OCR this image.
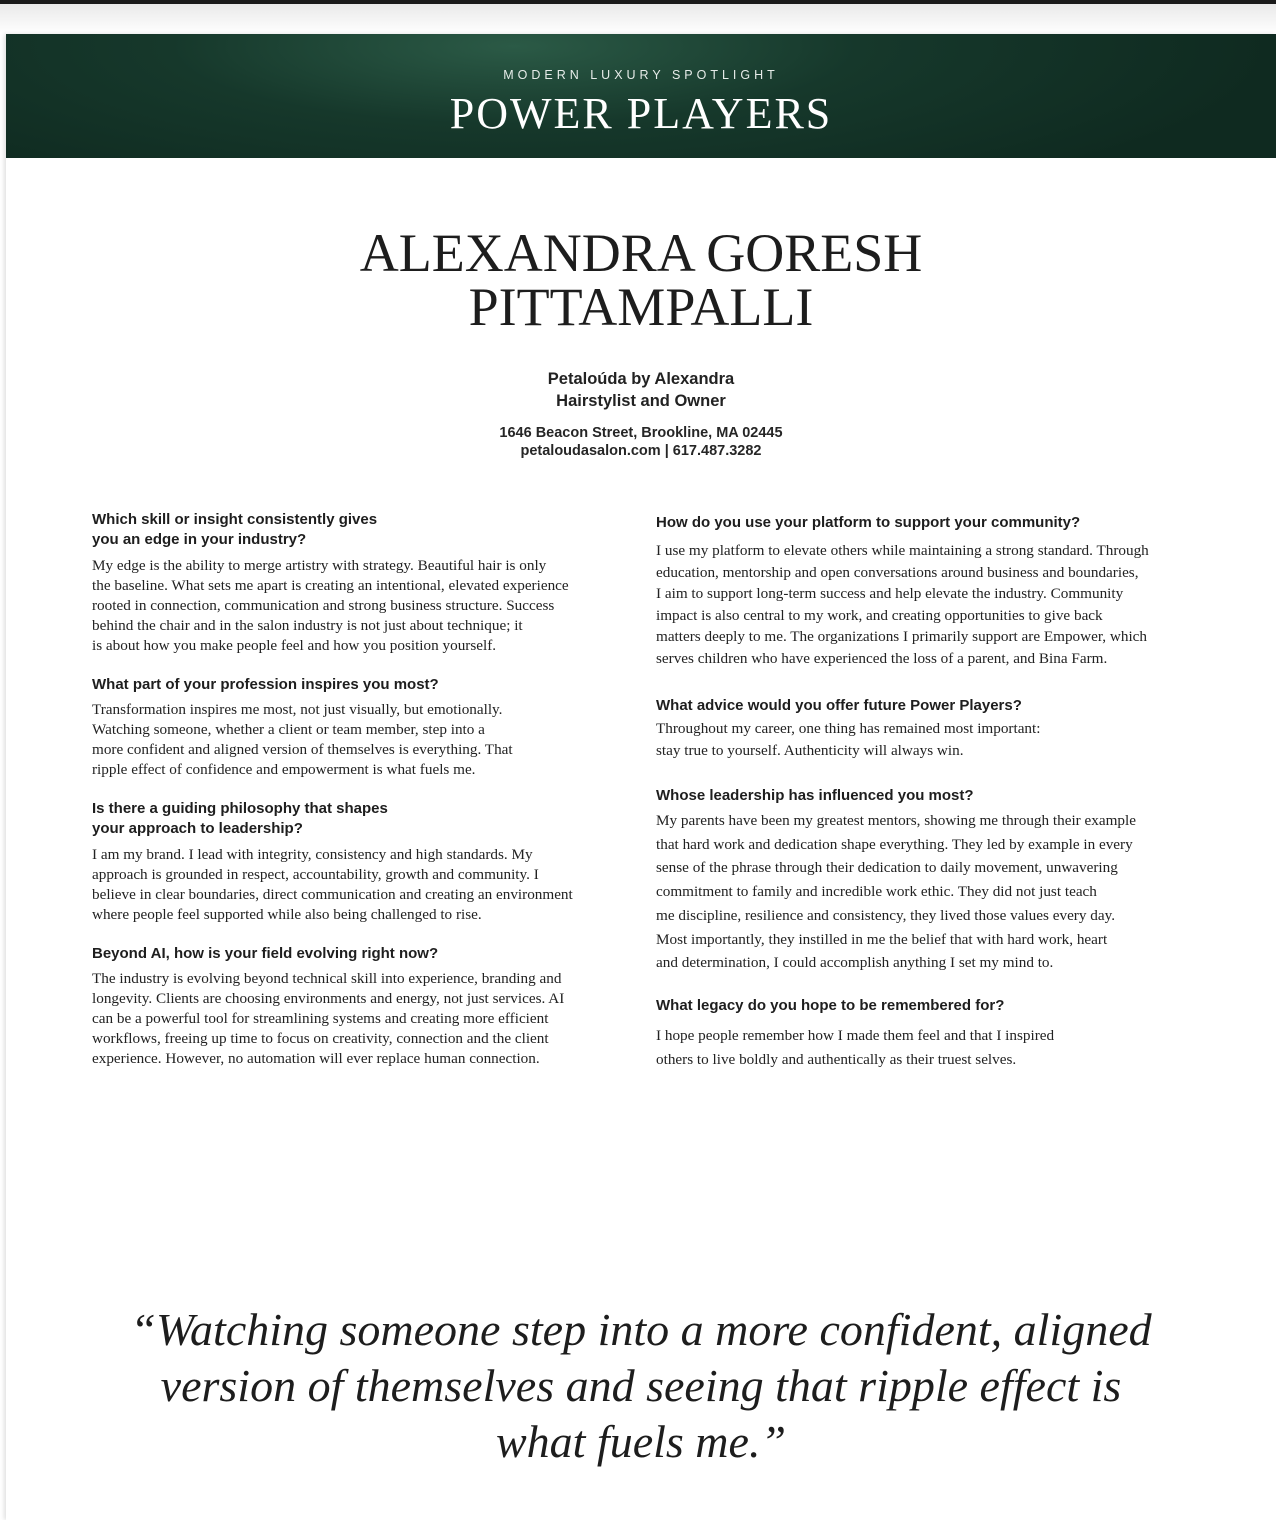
MODERN LUXURY SPOTLIGHT
POWER PLAYERS
ALEXANDRA GORESH
PITTAMPALLI
Petaloúda by Alexandra
Hairstylist and Owner
1646 Beacon Street, Brookline, MA 02445
petaloudasalon.com | 617.487.3282
Which skill or insight consistently gives
you an edge in your industry?
My edge is the ability to merge artistry with strategy. Beautiful hair is only
the baseline. What sets me apart is creating an intentional, elevated experience
rooted in connection, communication and strong business structure. Success
behind the chair and in the salon industry is not just about technique; it
is about how you make people feel and how you position yourself.
What part of your profession inspires you most?
Transformation inspires me most, not just visually, but emotionally.
Watching someone, whether a client or team member, step into a
more confident and aligned version of themselves is everything. That
ripple effect of confidence and empowerment is what fuels me.
Is there a guiding philosophy that shapes
your approach to leadership?
I am my brand. I lead with integrity, consistency and high standards. My
approach is grounded in respect, accountability, growth and community. I
believe in clear boundaries, direct communication and creating an environment
where people feel supported while also being challenged to rise.
Beyond AI, how is your field evolving right now?
The industry is evolving beyond technical skill into experience, branding and
longevity. Clients are choosing environments and energy, not just services. AI
can be a powerful tool for streamlining systems and creating more efficient
workflows, freeing up time to focus on creativity, connection and the client
experience. However, no automation will ever replace human connection.
How do you use your platform to support your community?
I use my platform to elevate others while maintaining a strong standard. Through
education, mentorship and open conversations around business and boundaries,
I aim to support long-term success and help elevate the industry. Community
impact is also central to my work, and creating opportunities to give back
matters deeply to me. The organizations I primarily support are Empower, which
serves children who have experienced the loss of a parent, and Bina Farm.
What advice would you offer future Power Players?
Throughout my career, one thing has remained most important:
stay true to yourself. Authenticity will always win.
Whose leadership has influenced you most?
My parents have been my greatest mentors, showing me through their example
that hard work and dedication shape everything. They led by example in every
sense of the phrase through their dedication to daily movement, unwavering
commitment to family and incredible work ethic. They did not just teach
me discipline, resilience and consistency, they lived those values every day.
Most importantly, they instilled in me the belief that with hard work, heart
and determination, I could accomplish anything I set my mind to.
What legacy do you hope to be remembered for?
I hope people remember how I made them feel and that I inspired
others to live boldly and authentically as their truest selves.
“Watching someone step into a more confident, aligned
version of themselves and seeing that ripple effect is
what fuels me.”
